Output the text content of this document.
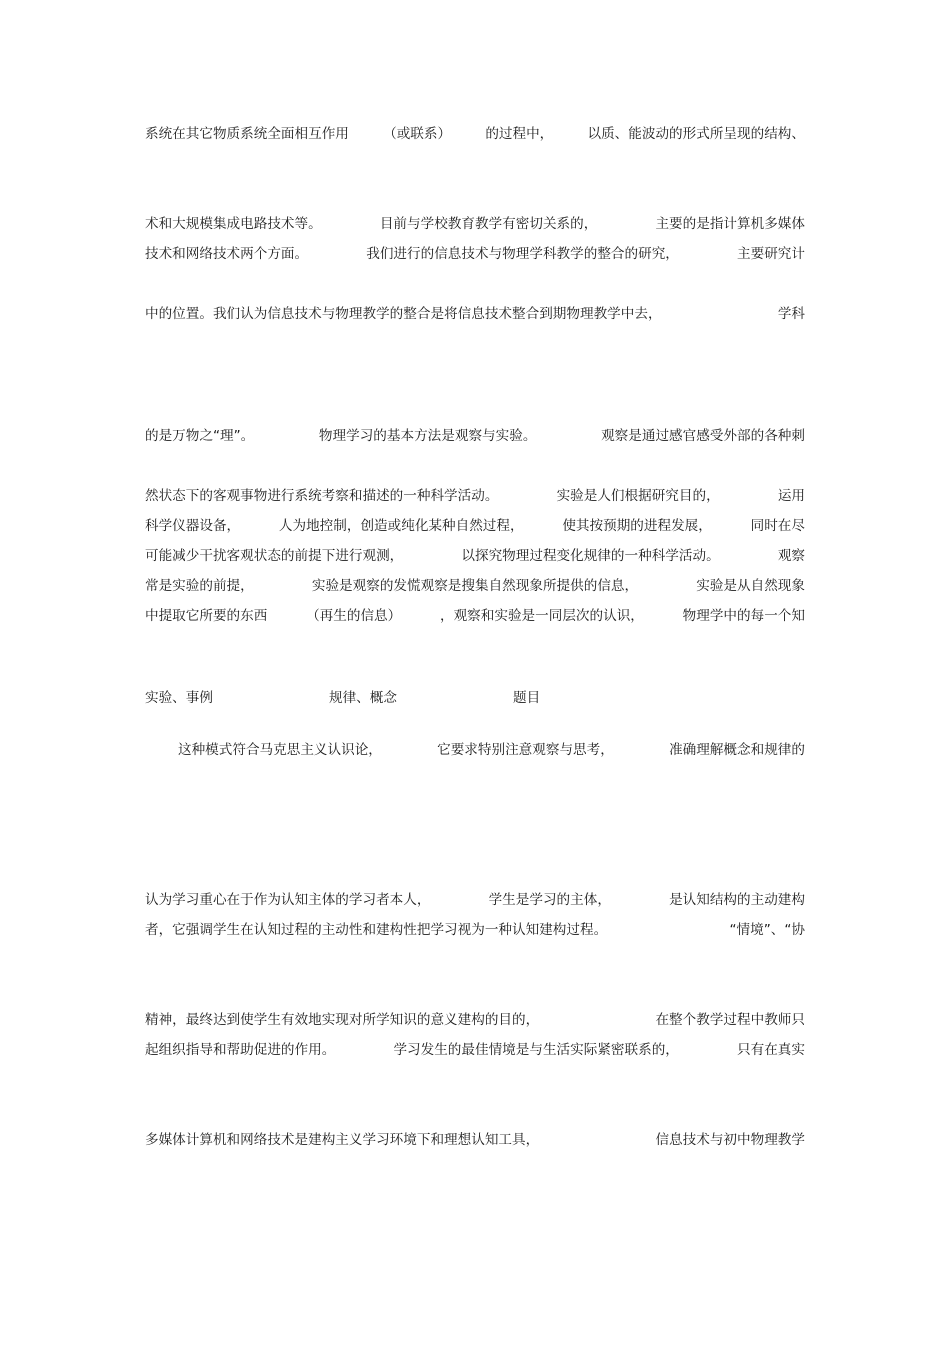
系统在其它物质系统全面相互作用	（或联系）	的过程中，	以质、能波动的形式所呈现的结构、

术和大规模集成电路技术等。	目前与学校教育教学有密切关系的，	主要的是指计算机多媒体
技术和网络技术两个方面。	我们进行的信息技术与物理学科教学的整合的研究，	主要研究计

中的位置。我们认为信息技术与物理教学的整合是将信息技术整合到期物理教学中去，	学科

的是万物之“理”。	物理学习的基本方法是观察与实验。	观察是通过感官感受外部的各种刺

然状态下的客观事物进行系统考察和描述的一种科学活动。	实验是人们根据研究目的，	运用
科学仪器设备，	人为地控制，创造或纯化某种自然过程，	使其按预期的进程发展，	同时在尽
可能减少干扰客观状态的前提下进行观测，	以探究物理过程变化规律的一种科学活动。	观察
常是实验的前提，	实验是观察的发慌观察是搜集自然现象所提供的信息，	实验是从自然现象
中提取它所要的东西	（再生的信息）	，观察和实验是一同层次的认识，	物理学中的每一个知

实验、事例

	规律、概念

	题目

这种模式符合马克思主义认识论，	它要求特别注意观察与思考，	准确理解概念和规律的

认为学习重心在于作为认知主体的学习者本人，	学生是学习的主体，	是认知结构的主动建构
者，它强调学生在认知过程的主动性和建构性把学习视为一种认知建构过程。	“情境”、“协

精神，最终达到使学生有效地实现对所学知识的意义建构的目的，	在整个教学过程中教师只
起组织指导和帮助促进的作用。	学习发生的最佳情境是与生活实际紧密联系的，	只有在真实

多媒体计算机和网络技术是建构主义学习环境下和理想认知工具，	信息技术与初中物理教学
